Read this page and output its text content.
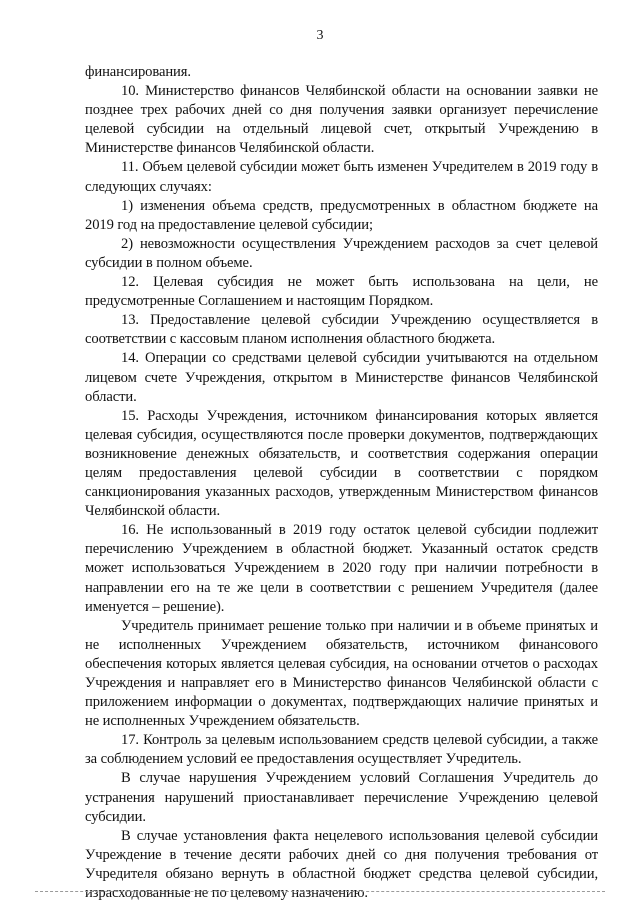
3

финансирования.

10. Министерство финансов Челябинской области на основании заявки не позднее трех рабочих дней со дня получения заявки организует перечисление целевой субсидии на отдельный лицевой счет, открытый Учреждению в Министерстве финансов Челябинской области.

11. Объем целевой субсидии может быть изменен Учредителем в 2019 году в следующих случаях:

1) изменения объема средств, предусмотренных в областном бюджете на 2019 год на предоставление целевой субсидии;

2) невозможности осуществления Учреждением расходов за счет целевой субсидии в полном объеме.

12. Целевая субсидия не может быть использована на цели, не предусмотренные Соглашением и настоящим Порядком.

13. Предоставление целевой субсидии Учреждению осуществляется в соответствии с кассовым планом исполнения областного бюджета.

14. Операции со средствами целевой субсидии учитываются на отдельном лицевом счете Учреждения, открытом в Министерстве финансов Челябинской области.

15. Расходы Учреждения, источником финансирования которых является целевая субсидия, осуществляются после проверки документов, подтверждающих возникновение денежных обязательств, и соответствия содержания операции целям предоставления целевой субсидии в соответствии с порядком санкционирования указанных расходов, утвержденным Министерством финансов Челябинской области.

16. Не использованный в 2019 году остаток целевой субсидии подлежит перечислению Учреждением в областной бюджет. Указанный остаток средств может использоваться Учреждением в 2020 году при наличии потребности в направлении его на те же цели в соответствии с решением Учредителя (далее именуется – решение).

Учредитель принимает решение только при наличии и в объеме принятых и не исполненных Учреждением обязательств, источником финансового обеспечения которых является целевая субсидия, на основании отчетов о расходах Учреждения и направляет его в Министерство финансов Челябинской области с приложением информации о документах, подтверждающих наличие принятых и не исполненных Учреждением обязательств.

17. Контроль за целевым использованием средств целевой субсидии, а также за соблюдением условий ее предоставления осуществляет Учредитель.

В случае нарушения Учреждением условий Соглашения Учредитель до устранения нарушений приостанавливает перечисление Учреждению целевой субсидии.

В случае установления факта нецелевого использования целевой субсидии Учреждение в течение десяти рабочих дней со дня получения требования от Учредителя обязано вернуть в областной бюджет средства целевой субсидии, израсходованные не по целевому назначению.
